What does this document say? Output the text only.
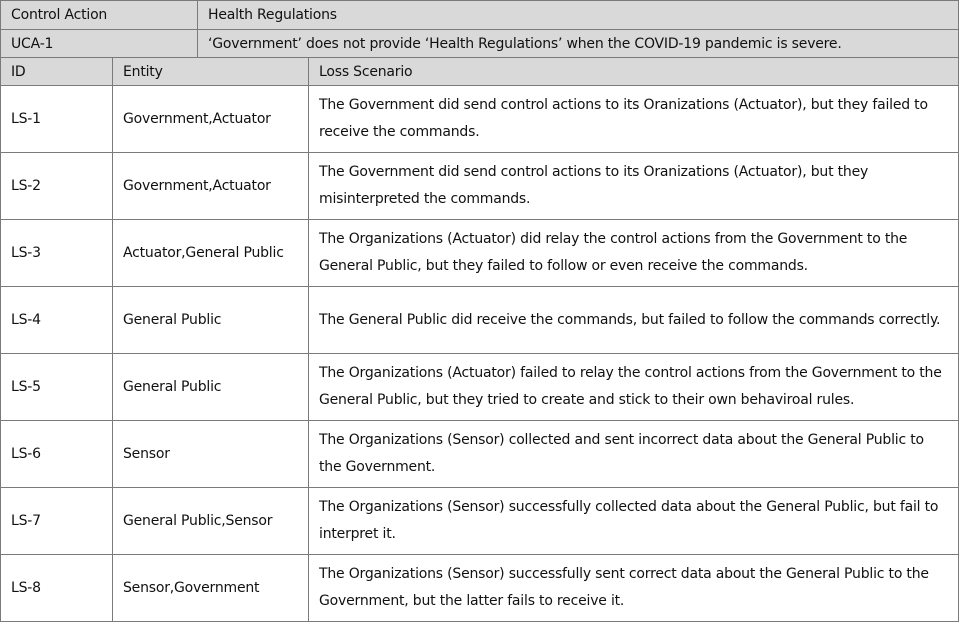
Control Action	Health Regulations
UCA-1	‘Government’ does not provide ‘Health Regulations’ when the COVID-19 pandemic is severe.
ID	Entity	Loss Scenario
LS-1	Government,Actuator	The Government did send control actions to its Oranizations (Actuator), but they failed to receive the commands.
LS-2	Government,Actuator	The Government did send control actions to its Oranizations (Actuator), but they misinterpreted the commands.
LS-3	Actuator,General Public	The Organizations (Actuator) did relay the control actions from the Government to the General Public, but they failed to follow or even receive the commands.
LS-4	General Public	The General Public did receive the commands, but failed to follow the commands correctly.
LS-5	General Public	The Organizations (Actuator) failed to relay the control actions from the Government to the General Public, but they tried to create and stick to their own behaviroal rules.
LS-6	Sensor	The Organizations (Sensor) collected and sent incorrect data about the General Public to the Government.
LS-7	General Public,Sensor	The Organizations (Sensor) successfully collected data about the General Public, but fail to interpret it.
LS-8	Sensor,Government	The Organizations (Sensor) successfully sent correct data about the General Public to the Government, but the latter fails to receive it.
